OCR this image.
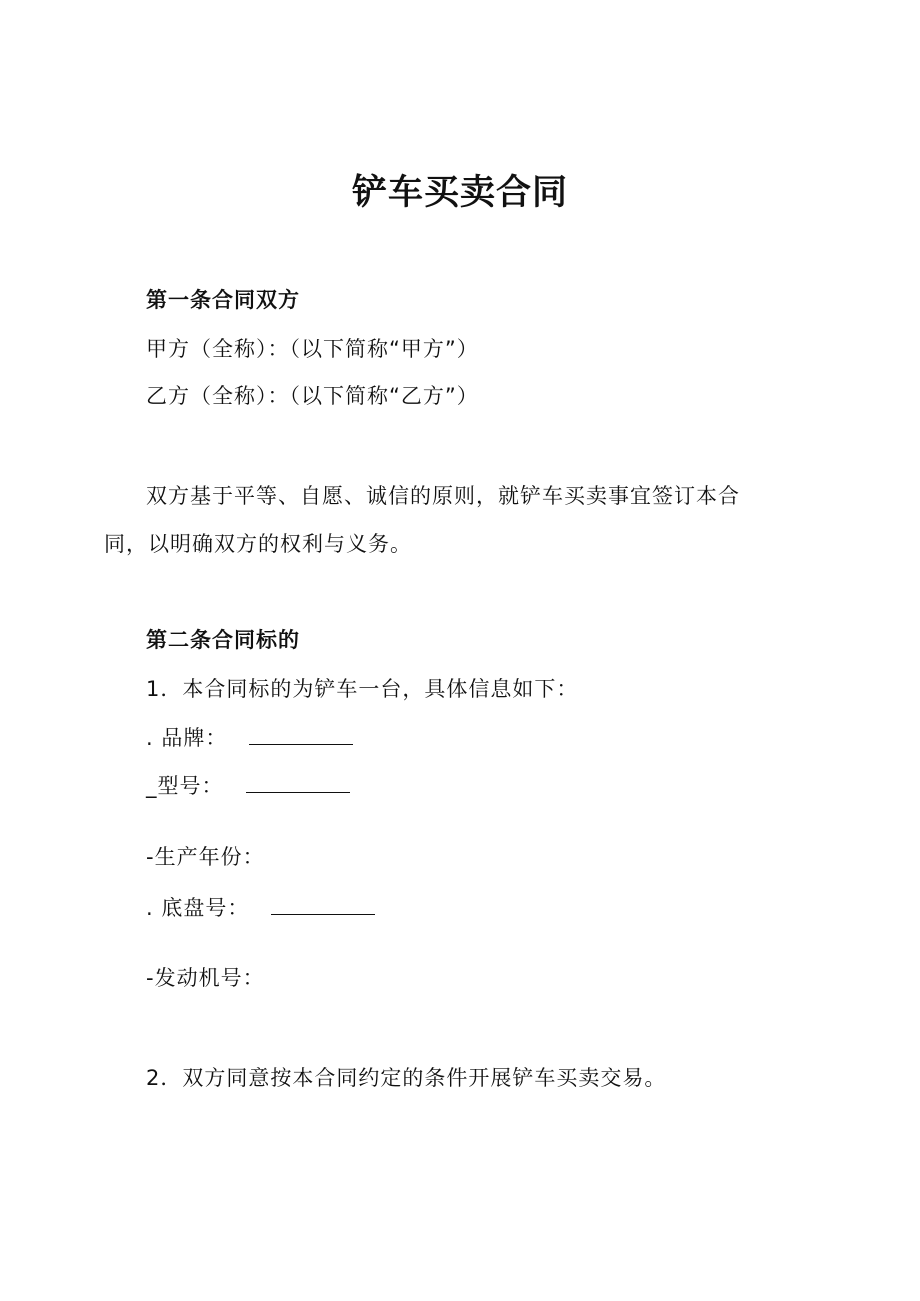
铲车买卖合同
第一条合同双方
甲方（全称）：（以下简称“甲方”）
乙方（全称）：（以下简称“乙方”）
双方基于平等、自愿、诚信的原则，就铲车买卖事宜签订本合
同，以明确双方的权利与义务。
第二条合同标的
1．本合同标的为铲车一台，具体信息如下：
. 品牌：
_型号：
-生产年份：
. 底盘号：
-发动机号：
2．双方同意按本合同约定的条件开展铲车买卖交易。
